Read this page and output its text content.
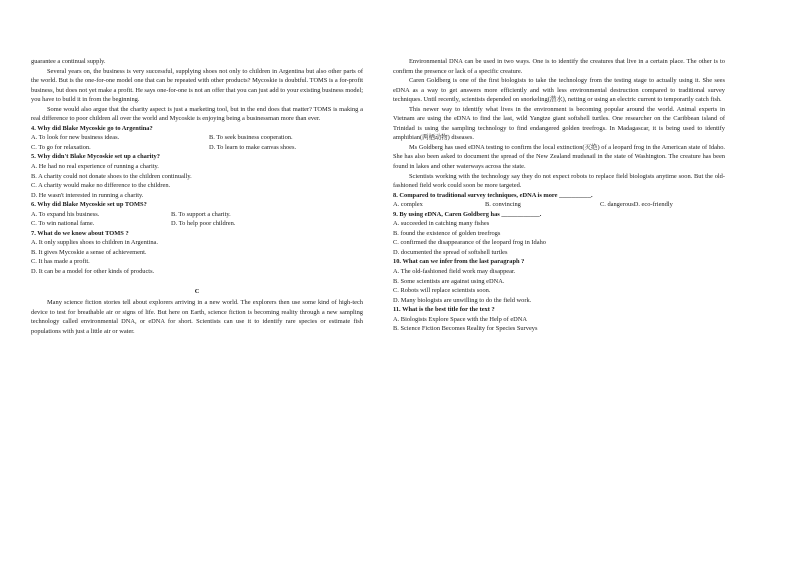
guarantee a continual supply.

Several years on, the business is very successful, supplying shoes not only to children in Argentina but also other parts of the world. But is the one-for-one model one that can be repeated with other products? Mycoskie is doubtful. TOMS is a for-profit business, but does not yet make a profit. He says one-for-one is not an offer that you can just add to your existing business model; you have to build it in from the beginning.

Some would also argue that the charity aspect is just a marketing tool, but in the end does that matter? TOMS is making a real difference to poor children all over the world and Mycoskie is enjoying being a businessman more than ever.

4. Why did Blake Mycoskie go to Argentina?

A. To look for new business ideas.	B. To seek business cooperation.
C. To go for relaxation.	D. To learn to make canvas shoes.

5. Why didn't Blake Mycoskie set up a charity?

A. He had no real experience of running a charity.

B. A charity could not donate shoes to the children continually.

C. A charity would make no difference to the children.

D. He wasn't interested in running a charity.

6. Why did Blake Mycoskie set up TOMS?

A. To expand his business.	B. To support a charity.
C. To win national fame.	D. To help poor children.

7. What do we know about TOMS ?

A. It only supplies shoes to children in Argentina.

B. It gives Mycoskie a sense of achievement.

C. It has made a profit.

D. It can be a model for other kinds of products.

C

Many science fiction stories tell about explorers arriving in a new world. The explorers then use some kind of high-tech device to test for breathable air or signs of life. But here on Earth, science fiction is becoming reality through a new sampling technology called environmental DNA, or eDNA for short. Scientists can use it to identify rare species or estimate fish populations with just a little air or water.

Environmental DNA can be used in two ways. One is to identify the creatures that live in a certain place. The other is to confirm the presence or lack of a specific creature.

Caren Goldberg is one of the first biologists to take the technology from the testing stage to actually using it. She sees eDNA as a way to get answers more efficiently and with less environmental destruction compared to traditional survey techniques. Until recently, scientists depended on snorkeling(潜水), netting or using an electric current to temporarily catch fish.

This newer way to identify what lives in the environment is becoming popular around the world. Animal experts in Vietnam are using the eDNA to find the last, wild Yangtze giant softshell turtles. One researcher on the Caribbean island of Trinidad is using the sampling technology to find endangered golden treefrogs. In Madagascar, it is being used to identify amphibian(两栖动物) diseases.

Ms Goldberg has used eDNA testing to confirm the local extinction(灭绝) of a leopard frog in the American state of Idaho. She has also been asked to document the spread of the New Zealand mudsnail in the state of Washington. The creature has been found in lakes and other waterways across the state.

Scientists working with the technology say they do not expect robots to replace field biologists anytime soon. But the old-fashioned field work could soon be more targeted.

8. Compared to traditional survey techniques, eDNA is more __________.

A. complex	B. convincing	C. dangerous D. eco-friendly

9. By using eDNA, Caren Goldberg has ____________.

A. succeeded in catching many fishes

B. found the existence of golden treefrogs

C. confirmed the disappearance of the leopard frog in Idaho

D. documented the spread of softshell turtles

10. What can we infer from the last paragraph ?

A. The old-fashioned field work may disappear.

B. Some scientists are against using eDNA.

C. Robots will replace scientists soon.

D. Many biologists are unwilling to do the field work.

11. What is the best title for the text ?

A. Biologists Explore Space with the Help of eDNA

B. Science Fiction Becomes Reality for Species Surveys
